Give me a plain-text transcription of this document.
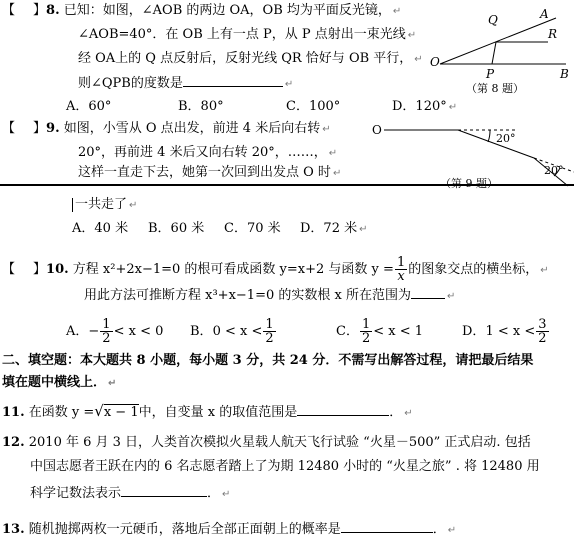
【 】8. 已知：如图，∠AOB 的两边 OA，OB 均为平面反光镜， ↵
∠AOB=40°．在 OB 上有一点 P，从 P 点射出一束光线 ↵
经 OA上的 Q 点反射后，反射光线 QR 恰好与 OB 平行， ↵
则∠QPB的度数是	↵
A．60°	B．80°	C．100°	D．120° ↵
Q	A
R
O
P	B
（第 8 题）
【 】9. 如图，小雪从 O 点出发，前进 4 米后向右转 ↵
20°，再前进 4 米后又向右转 20°，……， ↵
这样一直走下去，她第一次回到出发点 O 时 ↵
O
20°
20°
一共走了 ↵
A．40 米 B．60 米 C．70 米 D．72 米 ↵
【 】10. 方程 x²+2x−1=0 的根可看成函数 y=x+2 与函数 $y = \frac{1}{x}$ 的图象交点的横坐标， ↵
用此方法可推断方程 x³+x−1=0 的实数根 x 所在范围为	↵
A．− $\frac{1}{2} < x < 0$ B．$0 < x < \frac{1}{2}$	C． $\frac{1}{2} < x < 1$	D．$1 < x < \frac{3}{2}$
二、填空题：本大题共 8 小题，每小题 3 分，共 24 分．不需写出解答过程，请把最后结果
填在题中横线上． ↵
11. 在函数 y =√x − 1中，自变量 x 的取值范围是	． ↵
12. 2010 年 6 月 3 日，人类首次模拟火星载人航天飞行试验 “火星－500” 正式启动. 包括
中国志愿者王跃在内的 6 名志愿者踏上了为期 12480 小时的 “火星之旅” . 将 12480 用
科学记数法表示	． ↵
13. 随机抛掷两枚一元硬币，落地后全部正面朝上的概率是	． ↵
